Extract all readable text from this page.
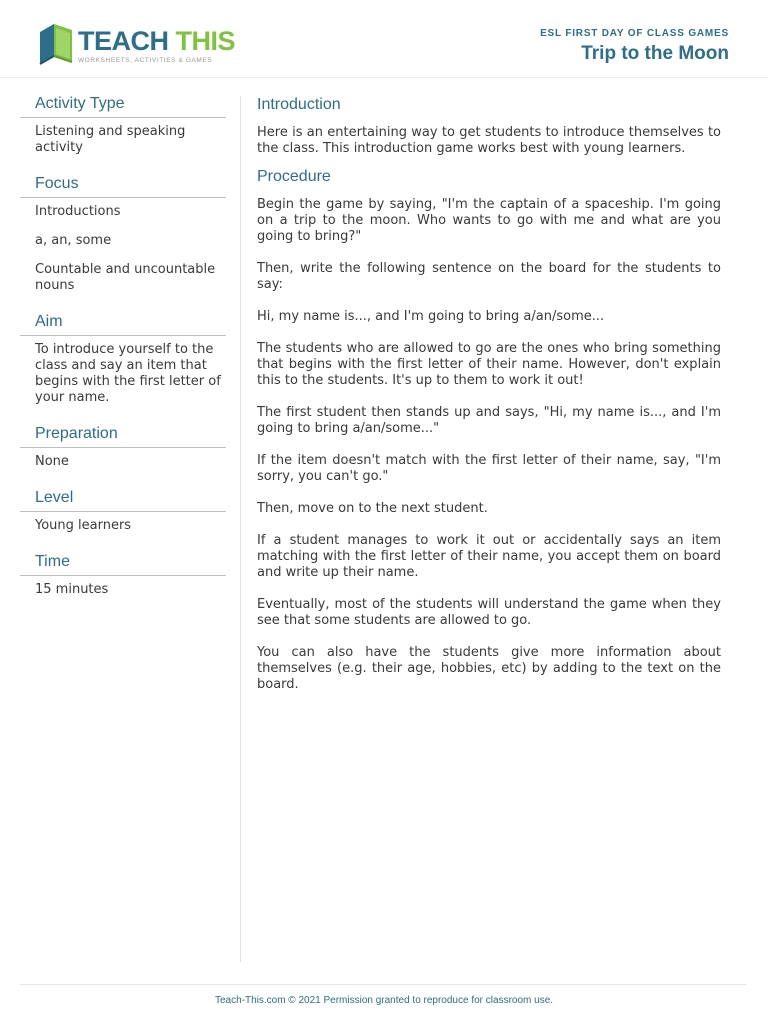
TEACH THIS
WORKSHEETS, ACTIVITIES & GAMES
ESL FIRST DAY OF CLASS GAMES
Trip to the Moon
Activity Type
Listening and speaking activity
Focus
Introductions
a, an, some
Countable and uncountable nouns
Aim
To introduce yourself to the class and say an item that begins with the first letter of your name.
Preparation
None
Level
Young learners
Time
15 minutes
Introduction

Here is an entertaining way to get students to introduce themselves to the class. This introduction game works best with young learners.

Procedure

Begin the game by saying, "I'm the captain of a spaceship. I'm going on a trip to the moon. Who wants to go with me and what are you going to bring?"

Then, write the following sentence on the board for the students to say:

Hi, my name is..., and I'm going to bring a/an/some...

The students who are allowed to go are the ones who bring something that begins with the first letter of their name. However, don't explain this to the students. It's up to them to work it out!

The first student then stands up and says, "Hi, my name is..., and I'm going to bring a/an/some..."

If the item doesn't match with the first letter of their name, say, "I'm sorry, you can't go."

Then, move on to the next student.

If a student manages to work it out or accidentally says an item matching with the first letter of their name, you accept them on board and write up their name.

Eventually, most of the students will understand the game when they see that some students are allowed to go.

You can also have the students give more information about themselves (e.g. their age, hobbies, etc) by adding to the text on the board.

Teach-This.com © 2021 Permission granted to reproduce for classroom use.
